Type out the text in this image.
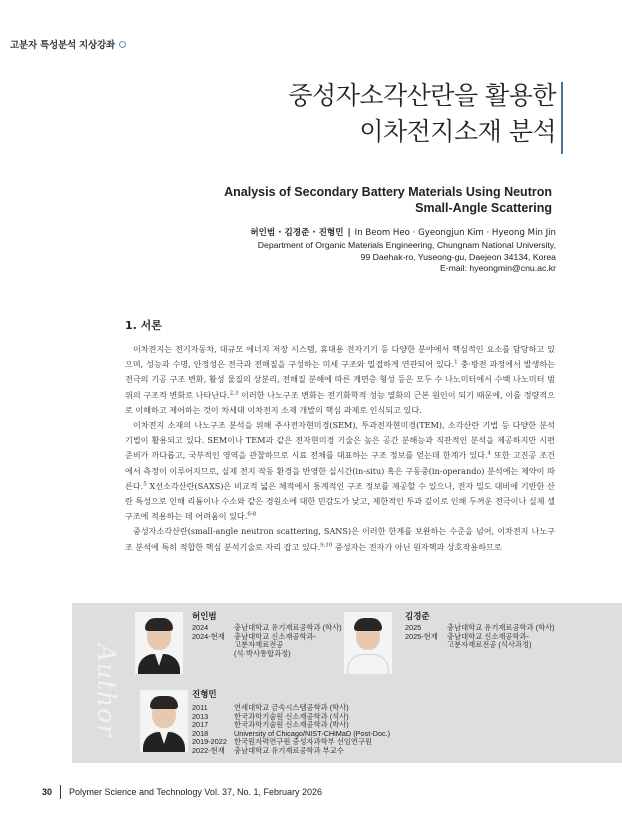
고분자 특성분석 지상강좌
중성자소각산란을 활용한
이차전지소재 분석
Analysis of Secondary Battery Materials Using Neutron
Small-Angle Scattering
허인범 · 김경준 · 진형민 | In Beom Heo · Gyeongjun Kim · Hyeong Min Jin
Department of Organic Materials Engineering, Chungnam National University,
99 Daehak-ro, Yuseong-gu, Daejeon 34134, Korea
E-mail: hyeongmin@cnu.ac.kr
1. 서론

이차전지는 전기자동차, 대규모 에너지 저장 시스템, 휴대용 전자기기 등 다양한 분야에서 핵심적인 요소를 담당하고 있으며, 성능과 수명, 안정성은 전극과 전해질을 구성하는 미세 구조와 밀접하게 연관되어 있다.$^1$ 충·방전 과정에서 발생하는 전극의 기공 구조 변화, 활성 물질의 상분리, 전해질 분해에 따른 계면층 형성 등은 모두 수 나노미터에서 수백 나노미터 범위의 구조적 변화로 나타난다.$^{2,3}$ 이러한 나노구조 변화는 전기화학적 성능 열화의 근본 원인이 되기 때문에, 이를 정량적으로 이해하고 제어하는 것이 차세대 이차전지 소재 개발의 핵심 과제로 인식되고 있다.

이차전지 소재의 나노구조 분석을 위해 주사전자현미경(SEM), 투과전자현미경(TEM), 소각산란 기법 등 다양한 분석 기법이 활용되고 있다. SEM이나 TEM과 같은 전자현미경 기술은 높은 공간 분해능과 직관적인 분석을 제공하지만 시편 준비가 까다롭고, 국부적인 영역을 관찰하므로 시료 전체를 대표하는 구조 정보를 얻는데 한계가 있다.$^4$ 또한 고진공 조건에서 측정이 이루어지므로, 실제 전지 작동 환경을 반영한 실시간(in-situ) 혹은 구동중(in-operando) 분석에는 제약이 따른다.$^5$ X선소각산란(SAXS)은 비교적 넓은 체적에서 통계적인 구조 정보를 제공할 수 있으나, 전자 밀도 대비에 기반한 산란 특성으로 인해 리튬이나 수소와 같은 경원소에 대한 민감도가 낮고, 제한적인 투과 깊이로 인해 두꺼운 전극이나 실제 셀 구조에 적용하는 데 어려움이 있다.$^{6-8}$

중성자소각산란(small-angle neutron scattering, SANS)은 이러한 한계를 보완하는 수준을 넘어, 이차전지 나노구조 분석에 특히 적합한 핵심 분석기술로 자리 잡고 있다.$^{9,10}$ 중성자는 전자가 아닌 원자핵과 상호작용하므로

Author
허인범
2024	충남대학교 유기재료공학과 (학사)
2024-현재	충남대학교 신소재공학과-
고분자재료전공
(석·박사통합과정)
김경준
2025	충남대학교 유기재료공학과 (학사)
2025-현재	충남대학교 신소재공학과-
고분자재료전공 (석사과정)
진형민
2011	연세대학교 금속시스템공학과 (학사)
2013	한국과학기술원 신소재공학과 (석사)
2017	한국과학기술원 신소재공학과 (박사)
2018	University of Chicago/NIST-CHiMaD (Post-Doc.)
2019-2022 한국원자력연구원 중성자과학부 선임연구원
2022-현재	충남대학교 유기재료공학과 부교수
30 Polymer Science and Technology Vol. 37, No. 1, February 2026
